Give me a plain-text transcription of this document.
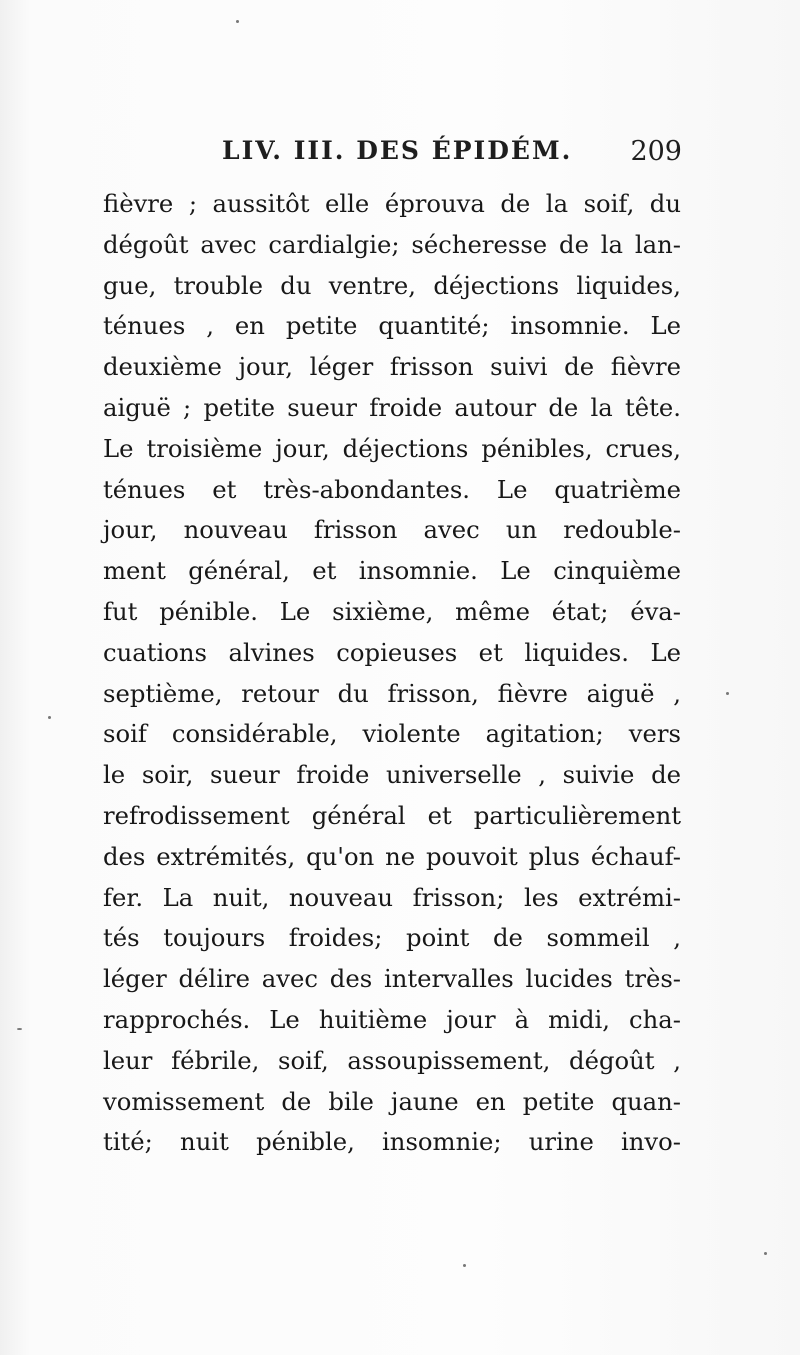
LIV. III. DES ÉPIDÉM. 209
fièvre ; aussitôt elle éprouva de la soif, du
dégoût avec cardialgie; sécheresse de la lan-
gue, trouble du ventre, déjections liquides,
ténues , en petite quantité; insomnie. Le
deuxième jour, léger frisson suivi de fièvre
aiguë ; petite sueur froide autour de la tête.
Le troisième jour, déjections pénibles, crues,
ténues et très-abondantes. Le quatrième
jour, nouveau frisson avec un redouble-
ment général, et insomnie. Le cinquième
fut pénible. Le sixième, même état; éva-
cuations alvines copieuses et liquides. Le
septième, retour du frisson, fièvre aiguë ,
soif considérable, violente agitation; vers
le soir, sueur froide universelle , suivie de
refrodissement général et particulièrement
des extrémités, qu'on ne pouvoit plus échauf-
fer. La nuit, nouveau frisson; les extrémi-
tés toujours froides; point de sommeil ,
léger délire avec des intervalles lucides très-
rapprochés. Le huitième jour à midi, cha-
leur fébrile, soif, assoupissement, dégoût ,
vomissement de bile jaune en petite quan-
tité; nuit pénible, insomnie; urine invo-
